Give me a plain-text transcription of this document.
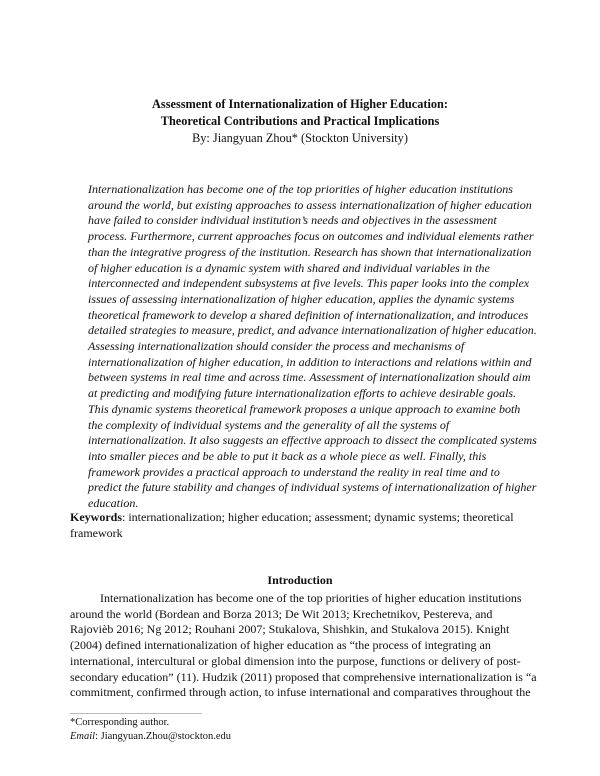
Assessment of Internationalization of Higher Education:
Theoretical Contributions and Practical Implications
By: Jiangyuan Zhou* (Stockton University)
Internationalization has become one of the top priorities of higher education institutions
around the world, but existing approaches to assess internationalization of higher education
have failed to consider individual institution’s needs and objectives in the assessment
process. Furthermore, current approaches focus on outcomes and individual elements rather
than the integrative progress of the institution. Research has shown that internationalization
of higher education is a dynamic system with shared and individual variables in the
interconnected and independent subsystems at five levels. This paper looks into the complex
issues of assessing internationalization of higher education, applies the dynamic systems
theoretical framework to develop a shared definition of internationalization, and introduces
detailed strategies to measure, predict, and advance internationalization of higher education.
Assessing internationalization should consider the process and mechanisms of
internationalization of higher education, in addition to interactions and relations within and
between systems in real time and across time. Assessment of internationalization should aim
at predicting and modifying future internationalization efforts to achieve desirable goals.
This dynamic systems theoretical framework proposes a unique approach to examine both
the complexity of individual systems and the generality of all the systems of
internationalization. It also suggests an effective approach to dissect the complicated systems
into smaller pieces and be able to put it back as a whole piece as well. Finally, this
framework provides a practical approach to understand the reality in real time and to
predict the future stability and changes of individual systems of internationalization of higher
education.
Keywords: internationalization; higher education; assessment; dynamic systems; theoretical
framework
Introduction
Internationalization has become one of the top priorities of higher education institutions
around the world (Bordean and Borza 2013; De Wit 2013; Krechetnikov, Pestereva, and
Rajovièb 2016; Ng 2012; Rouhani 2007; Stukalova, Shishkin, and Stukalova 2015). Knight
(2004) defined internationalization of higher education as “the process of integrating an
international, intercultural or global dimension into the purpose, functions or delivery of post-
secondary education” (11). Hudzik (2011) proposed that comprehensive internationalization is “a
commitment, confirmed through action, to infuse international and comparatives throughout the
*Corresponding author.
Email: Jiangyuan.Zhou@stockton.edu
